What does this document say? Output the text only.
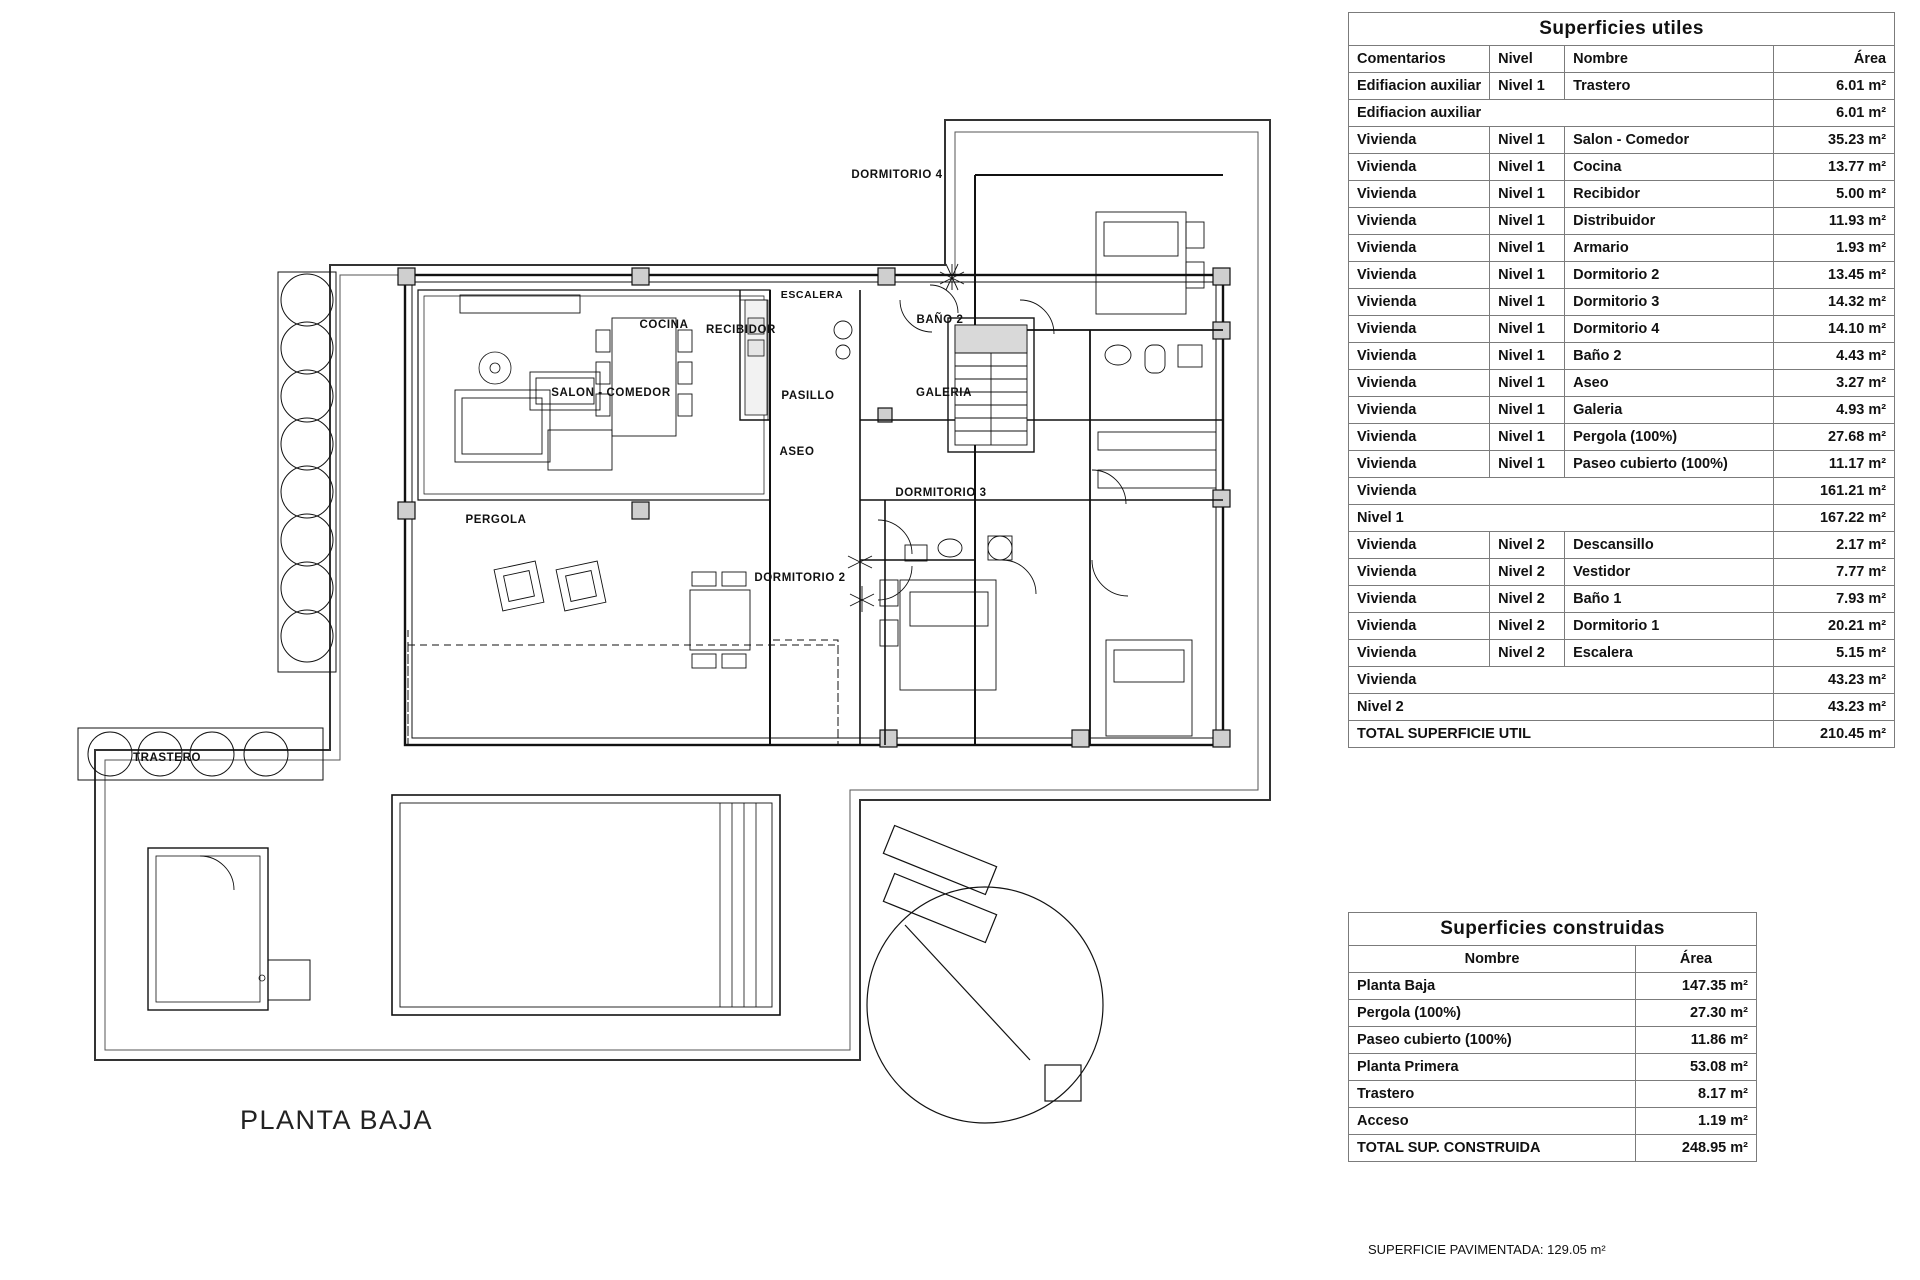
PLANTA BAJA
DORMITORIO 4
ESCALERA
BAÑO 2
COCINA RECIBIDOR
GALERIA
SALON - COMEDOR	PASILLO
ASEO
DORMITORIO 3
PERGOLA
DORMITORIO 2
TRASTERO
Superficies utiles			
Comentarios	Nivel	Nombre	Área
Edifiacion auxiliar	Nivel 1	Trastero	6.01 m²
Edifiacion auxiliar			6.01 m²
Vivienda	Nivel 1	Salon - Comedor	35.23 m²
Vivienda	Nivel 1	Cocina	13.77 m²
Vivienda	Nivel 1	Recibidor	5.00 m²
Vivienda	Nivel 1	Distribuidor	11.93 m²
Vivienda	Nivel 1	Armario	1.93 m²
Vivienda	Nivel 1	Dormitorio 2	13.45 m²
Vivienda	Nivel 1	Dormitorio 3	14.32 m²
Vivienda	Nivel 1	Dormitorio 4	14.10 m²
Vivienda	Nivel 1	Baño 2	4.43 m²
Vivienda	Nivel 1	Aseo	3.27 m²
Vivienda	Nivel 1	Galeria	4.93 m²
Vivienda	Nivel 1	Pergola (100%)	27.68 m²
Vivienda	Nivel 1	Paseo cubierto (100%)	11.17 m²
Vivienda			161.21 m²
Nivel 1			167.22 m²
Vivienda	Nivel 2	Descansillo	2.17 m²
Vivienda	Nivel 2	Vestidor	7.77 m²
Vivienda	Nivel 2	Baño 1	7.93 m²
Vivienda	Nivel 2	Dormitorio 1	20.21 m²
Vivienda	Nivel 2	Escalera	5.15 m²
Vivienda			43.23 m²
Nivel 2			43.23 m²
TOTAL SUPERFICIE UTIL			210.45 m²
Superficies construidas	
Nombre	Área
Planta Baja	147.35 m²
Pergola (100%)	27.30 m²
Paseo cubierto (100%)	11.86 m²
Planta Primera	53.08 m²
Trastero	8.17 m²
Acceso	1.19 m²
TOTAL SUP. CONSTRUIDA	248.95 m²
SUPERFICIE PAVIMENTADA: 129.05 m²
